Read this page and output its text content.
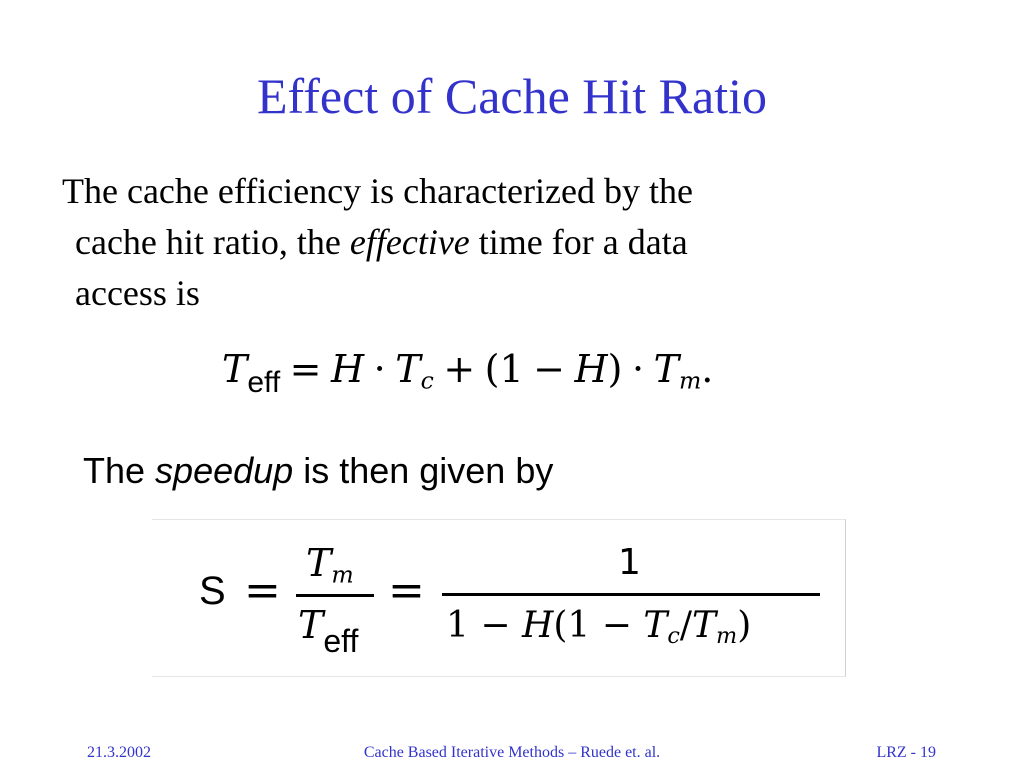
Effect of Cache Hit Ratio
The cache efficiency is characterized by the
cache hit ratio, the effective time for a data
access is
$T_{eff} = H \cdot T_c + (1 - H) \cdot T_m$.
The speedup is then given by
S =
$T_m$
$T_{eff}$
=
1
$1 - H(1 - T_c/T_m)$
21.3.2002	Cache Based Iterative Methods – Ruede et. al.	LRZ - 19
